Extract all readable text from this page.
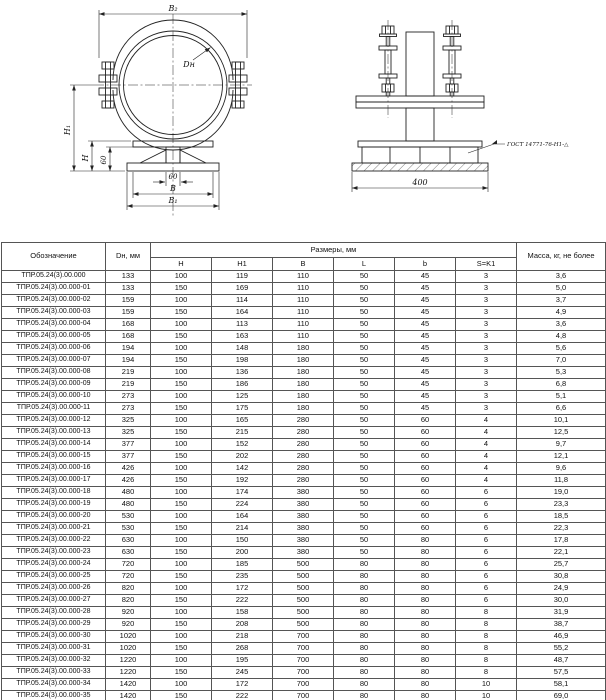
B₂
Dн
H₁
H 60
60
B
B₁
400
ГОСТ 14771-76-Н1-△
Обозначение	Dн, мм	Размеры, мм						Масса, кг, не более
		H	H1	B	L	b	S=K1	
ТПР.05.24(3).00.000	133	100	119	110	50	45	3	3,6
ТПР.05.24(3).00.000-01	133	150	169	110	50	45	3	5,0
ТПР.05.24(3).00.000-02	159	100	114	110	50	45	3	3,7
ТПР.05.24(3).00.000-03	159	150	164	110	50	45	3	4,9
ТПР.05.24(3).00.000-04	168	100	113	110	50	45	3	3,6
ТПР.05.24(3).00.000-05	168	150	163	110	50	45	3	4,8
ТПР.05.24(3).00.000-06	194	100	148	180	50	45	3	5,6
ТПР.05.24(3).00.000-07	194	150	198	180	50	45	3	7,0
ТПР.05.24(3).00.000-08	219	100	136	180	50	45	3	5,3
ТПР.05.24(3).00.000-09	219	150	186	180	50	45	3	6,8
ТПР.05.24(3).00.000-10	273	100	125	180	50	45	3	5,1
ТПР.05.24(3).00.000-11	273	150	175	180	50	45	3	6,6
ТПР.05.24(3).00.000-12	325	100	165	280	50	60	4	10,1
ТПР.05.24(3).00.000-13	325	150	215	280	50	60	4	12,5
ТПР.05.24(3).00.000-14	377	100	152	280	50	60	4	9,7
ТПР.05.24(3).00.000-15	377	150	202	280	50	60	4	12,1
ТПР.05.24(3).00.000-16	426	100	142	280	50	60	4	9,6
ТПР.05.24(3).00.000-17	426	150	192	280	50	60	4	11,8
ТПР.05.24(3).00.000-18	480	100	174	380	50	60	6	19,0
ТПР.05.24(3).00.000-19	480	150	224	380	50	60	6	23,3
ТПР.05.24(3).00.000-20	530	100	164	380	50	60	6	18,5
ТПР.05.24(3).00.000-21	530	150	214	380	50	60	6	22,3
ТПР.05.24(3).00.000-22	630	100	150	380	50	80	6	17,8
ТПР.05.24(3).00.000-23	630	150	200	380	50	80	6	22,1
ТПР.05.24(3).00.000-24	720	100	185	500	80	80	6	25,7
ТПР.05.24(3).00.000-25	720	150	235	500	80	80	6	30,8
ТПР.05.24(3).00.000-26	820	100	172	500	80	80	6	24,9
ТПР.05.24(3).00.000-27	820	150	222	500	80	80	6	30,0
ТПР.05.24(3).00.000-28	920	100	158	500	80	80	8	31,9
ТПР.05.24(3).00.000-29	920	150	208	500	80	80	8	38,7
ТПР.05.24(3).00.000-30	1020	100	218	700	80	80	8	46,9
ТПР.05.24(3).00.000-31	1020	150	268	700	80	80	8	55,2
ТПР.05.24(3).00.000-32	1220	100	195	700	80	80	8	48,7
ТПР.05.24(3).00.000-33	1220	150	245	700	80	80	8	57,5
ТПР.05.24(3).00.000-34	1420	100	172	700	80	80	10	58,1
ТПР.05.24(3).00.000-35	1420	150	222	700	80	80	10	69,0
